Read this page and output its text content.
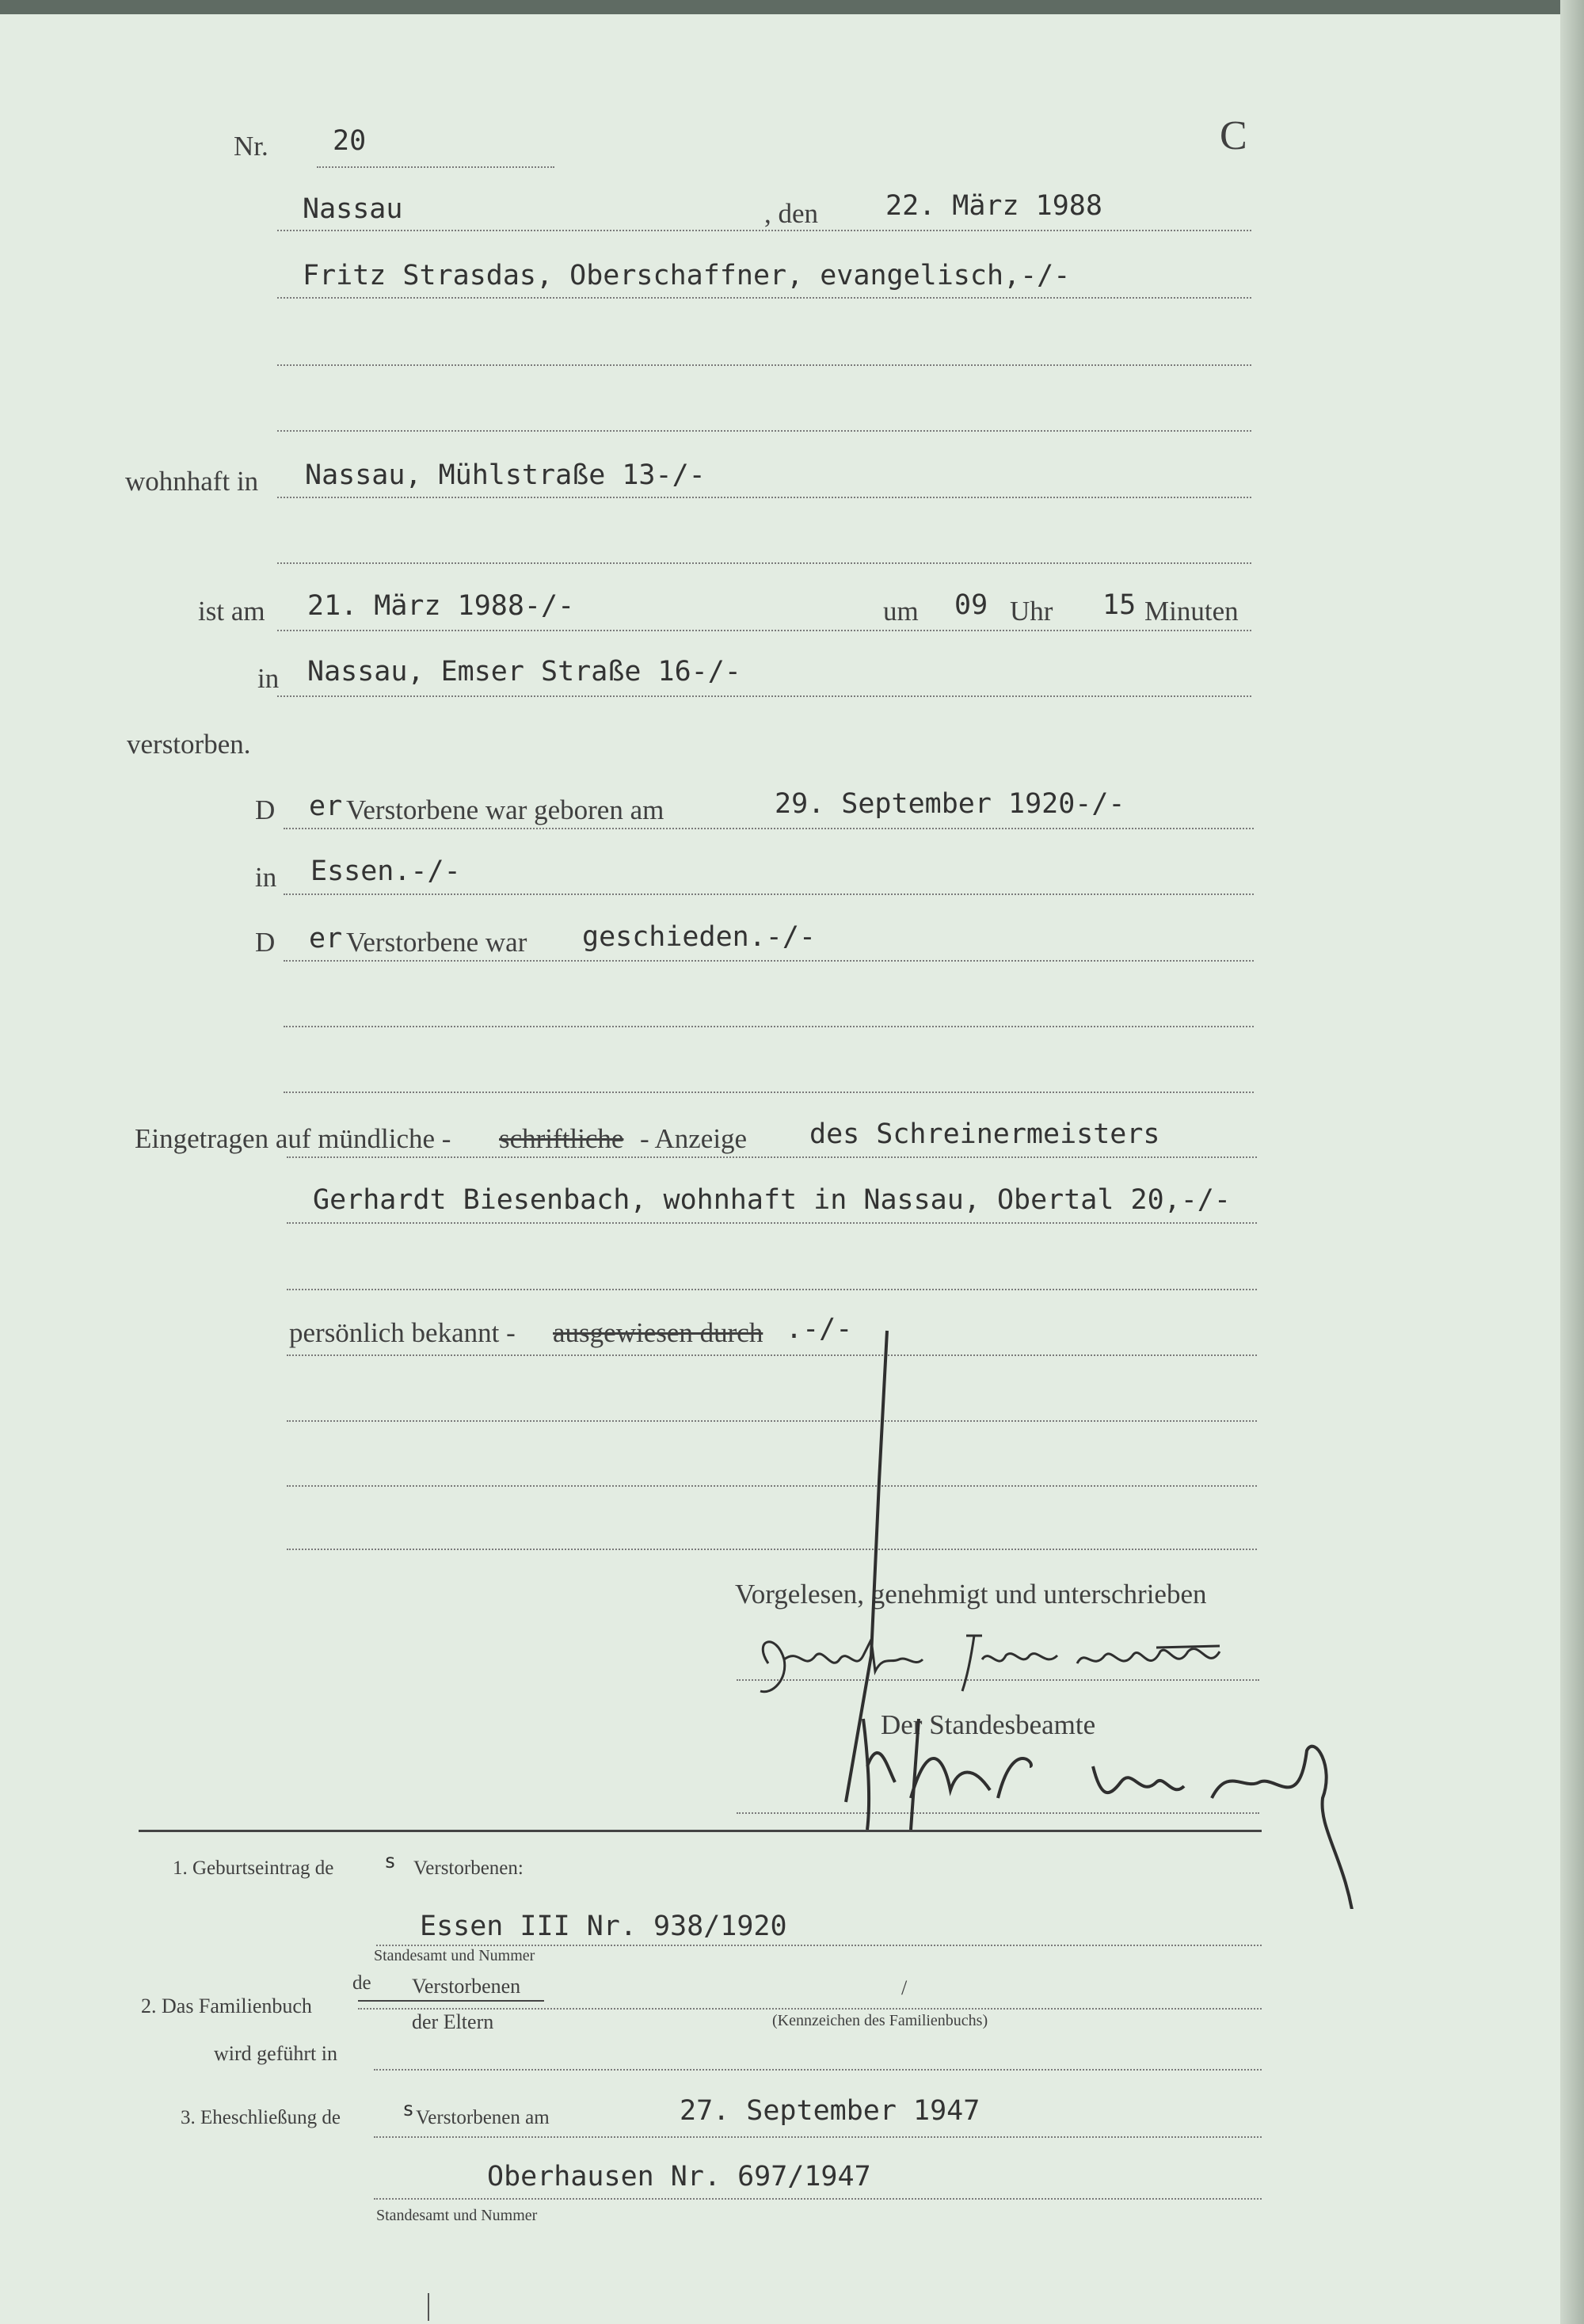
Nr. 20	C
Nassau	, den 22. März 1988
Fritz Strasdas, Oberschaffner, evangelisch,-/-
wohnhaft in Nassau, Mühlstraße 13-/-
ist am 21. März 1988-/-	um 09 Uhr 15 Minuten
in Nassau, Emser Straße 16-/-
verstorben.
D er Verstorbene war geboren am	29. September 1920-/-
in Essen.-/-
D er Verstorbene war geschieden.-/-
Eingetragen auf mündliche - schriftliche - Anzeige des Schreinermeisters
Gerhardt Biesenbach, wohnhaft in Nassau, Obertal 20,-/-
persönlich bekannt - ausgewiesen durch .-/-
Vorgelesen, genehmigt und unterschrieben
Der Standesbeamte
1. Geburtseintrag de	s Verstorbenen:
Essen III Nr. 938/1920
Standesamt und Nummer
de Verstorbenen
2. Das Familienbuch
/
der Eltern	(Kennzeichen des Familienbuchs)
wird geführt in
3. Eheschließung de	s Verstorbenen am	27. September 1947
Oberhausen Nr. 697/1947
Standesamt und Nummer
